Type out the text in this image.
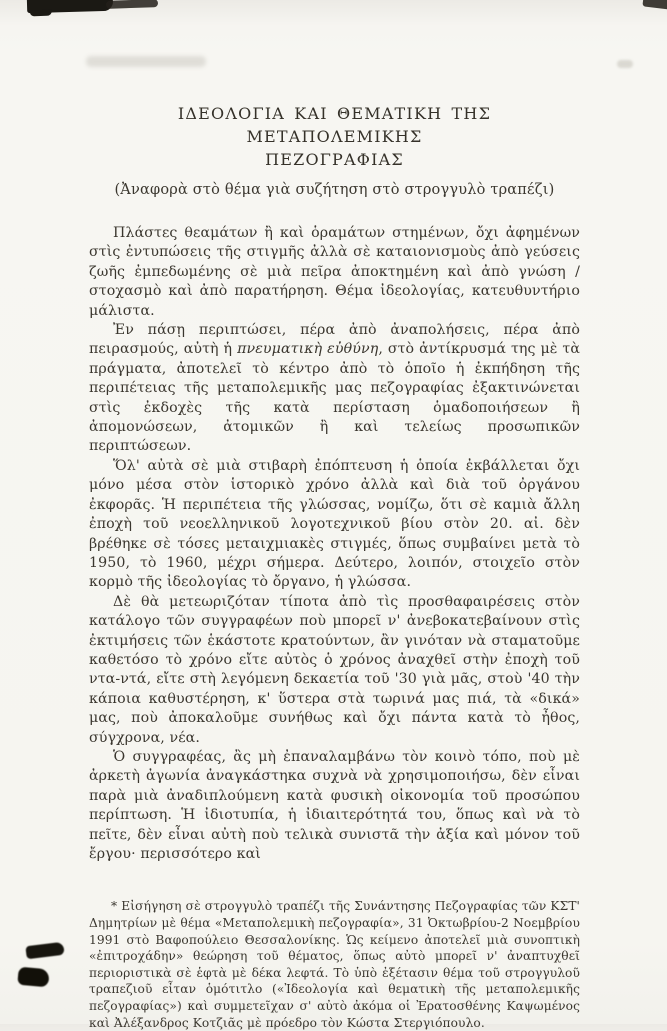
ΙΔΕΟΛΟΓΙΑ ΚΑΙ ΘΕΜΑΤΙΚΗ ΤΗΣ ΜΕΤΑΠΟΛΕΜΙΚΗΣ
ΠΕΖΟΓΡΑΦΙΑΣ
(Ἀναφορὰ στὸ θέμα γιὰ συζήτηση στὸ στρογγυλὸ τραπέζι)

Πλάστες θεαμάτων ἢ καὶ ὁραμάτων στημένων, ὄχι ἀφημένων στὶς ἐντυπώσεις τῆς στιγμῆς ἀλλὰ σὲ καταιονισμοὺς ἀπὸ γεύσεις ζωῆς ἐμπεδωμένης σὲ μιὰ πεῖρα ἀποκτημένη καὶ ἀπὸ γνώση / στοχασμὸ καὶ ἀπὸ παρατήρηση. Θέμα ἰδεολογίας, κατευθυντήριο μάλιστα.

Ἐν πάσῃ περιπτώσει, πέρα ἀπὸ ἀναπολήσεις, πέρα ἀπὸ πειρασμούς, αὐτὴ ἡ πνευματικὴ εὐθύνη, στὸ ἀντίκρυσμά της μὲ τὰ πράγματα, ἀποτελεῖ τὸ κέντρο ἀπὸ τὸ ὁποῖο ἡ ἐκπήδηση τῆς περιπέτειας τῆς μεταπολεμικῆς μας πεζογραφίας ἐξακτινώνεται στὶς ἐκδοχὲς τῆς κατὰ περίσταση ὁμαδοποιήσεων ἢ ἀπομονώσεων, ἀτομικῶν ἢ καὶ τελείως προσωπικῶν περιπτώσεων.

Ὅλ' αὐτὰ σὲ μιὰ στιβαρὴ ἐπόπτευση ἡ ὁποία ἐκβάλλεται ὄχι μόνο μέσα στὸν ἱστορικὸ χρόνο ἀλλὰ καὶ διὰ τοῦ ὀργάνου ἐκφορᾶς. Ἡ περιπέτεια τῆς γλώσσας, νομίζω, ὅτι σὲ καμιὰ ἄλλη ἐποχὴ τοῦ νεοελληνικοῦ λογοτεχνικοῦ βίου στὸν 20. αἰ. δὲν βρέθηκε σὲ τόσες μεταιχμιακὲς στιγμές, ὅπως συμβαίνει μετὰ τὸ 1950, τὸ 1960, μέχρι σήμερα. Δεύτερο, λοιπόν, στοιχεῖο στὸν κορμὸ τῆς ἰδεολογίας τὸ ὄργανο, ἡ γλώσσα.

Δὲ θὰ μετεωριζόταν τίποτα ἀπὸ τὶς προσθαφαιρέσεις στὸν κατάλογο τῶν συγγραφέων ποὺ μπορεῖ ν' ἀνεβοκατεβαίνουν στὶς ἐκτιμήσεις τῶν ἑκάστοτε κρατούντων, ἂν γινόταν νὰ σταματοῦμε καθετόσο τὸ χρόνο εἴτε αὐτὸς ὁ χρόνος ἀναχθεῖ στὴν ἐποχὴ τοῦ ντα-ντά, εἴτε στὴ λεγόμενη δεκαετία τοῦ '30 γιὰ μᾶς, στοὺ '40 τὴν κάποια καθυστέρηση, κ' ὕστερα στὰ τωρινά μας πιά, τὰ «δικά» μας, ποὺ ἀποκαλοῦμε συνήθως καὶ ὄχι πάντα κατὰ τὸ ἦθος, σύγχρονα, νέα.

Ὁ συγγραφέας, ἂς μὴ ἐπαναλαμβάνω τὸν κοινὸ τόπο, ποὺ μὲ ἀρκετὴ ἀγωνία ἀναγκάστηκα συχνὰ νὰ χρησιμοποιήσω, δὲν εἶναι παρὰ μιὰ ἀναδιπλούμενη κατὰ φυσικὴ οἰκονομία τοῦ προσώπου περίπτωση. Ἡ ἰδιοτυπία, ἡ ἰδιαιτερότητά του, ὅπως καὶ νὰ τὸ πεῖτε, δὲν εἶναι αὐτὴ ποὺ τελικὰ συνιστᾶ τὴν ἀξία καὶ μόνον τοῦ ἔργου· περισσότερο καὶ

* Εἰσήγηση σὲ στρογγυλὸ τραπέζι τῆς Συνάντησης Πεζογραφίας τῶν ΚΣΤ' Δημητρίων μὲ θέμα «Μεταπολεμικὴ πεζογραφία», 31 Ὀκτωβρίου-2 Νοεμβρίου 1991 στὸ Βαφοπούλειο Θεσσαλονίκης. Ὡς κείμενο ἀποτελεῖ μιὰ συνοπτικὴ «ἐπιτροχάδην» θεώρηση τοῦ θέματος, ὅπως αὐτὸ μπορεῖ ν' ἀναπτυχθεῖ περιοριστικὰ σὲ ἑφτὰ μὲ δέκα λεφτά. Τὸ ὑπὸ ἐξέτασιν θέμα τοῦ στρογγυλοῦ τραπεζιοῦ εἶταν ὁμότιτλο («Ἰδεολογία καὶ θεματικὴ τῆς μεταπολεμικῆς πεζογραφίας») καὶ συμμετεῖχαν σ' αὐτὸ ἀκόμα οἱ Ἐρατοσθένης Καψωμένος καὶ Ἀλέξανδρος Κοτζιᾶς μὲ πρόεδρο τὸν Κώστα Στεργιόπουλο.
